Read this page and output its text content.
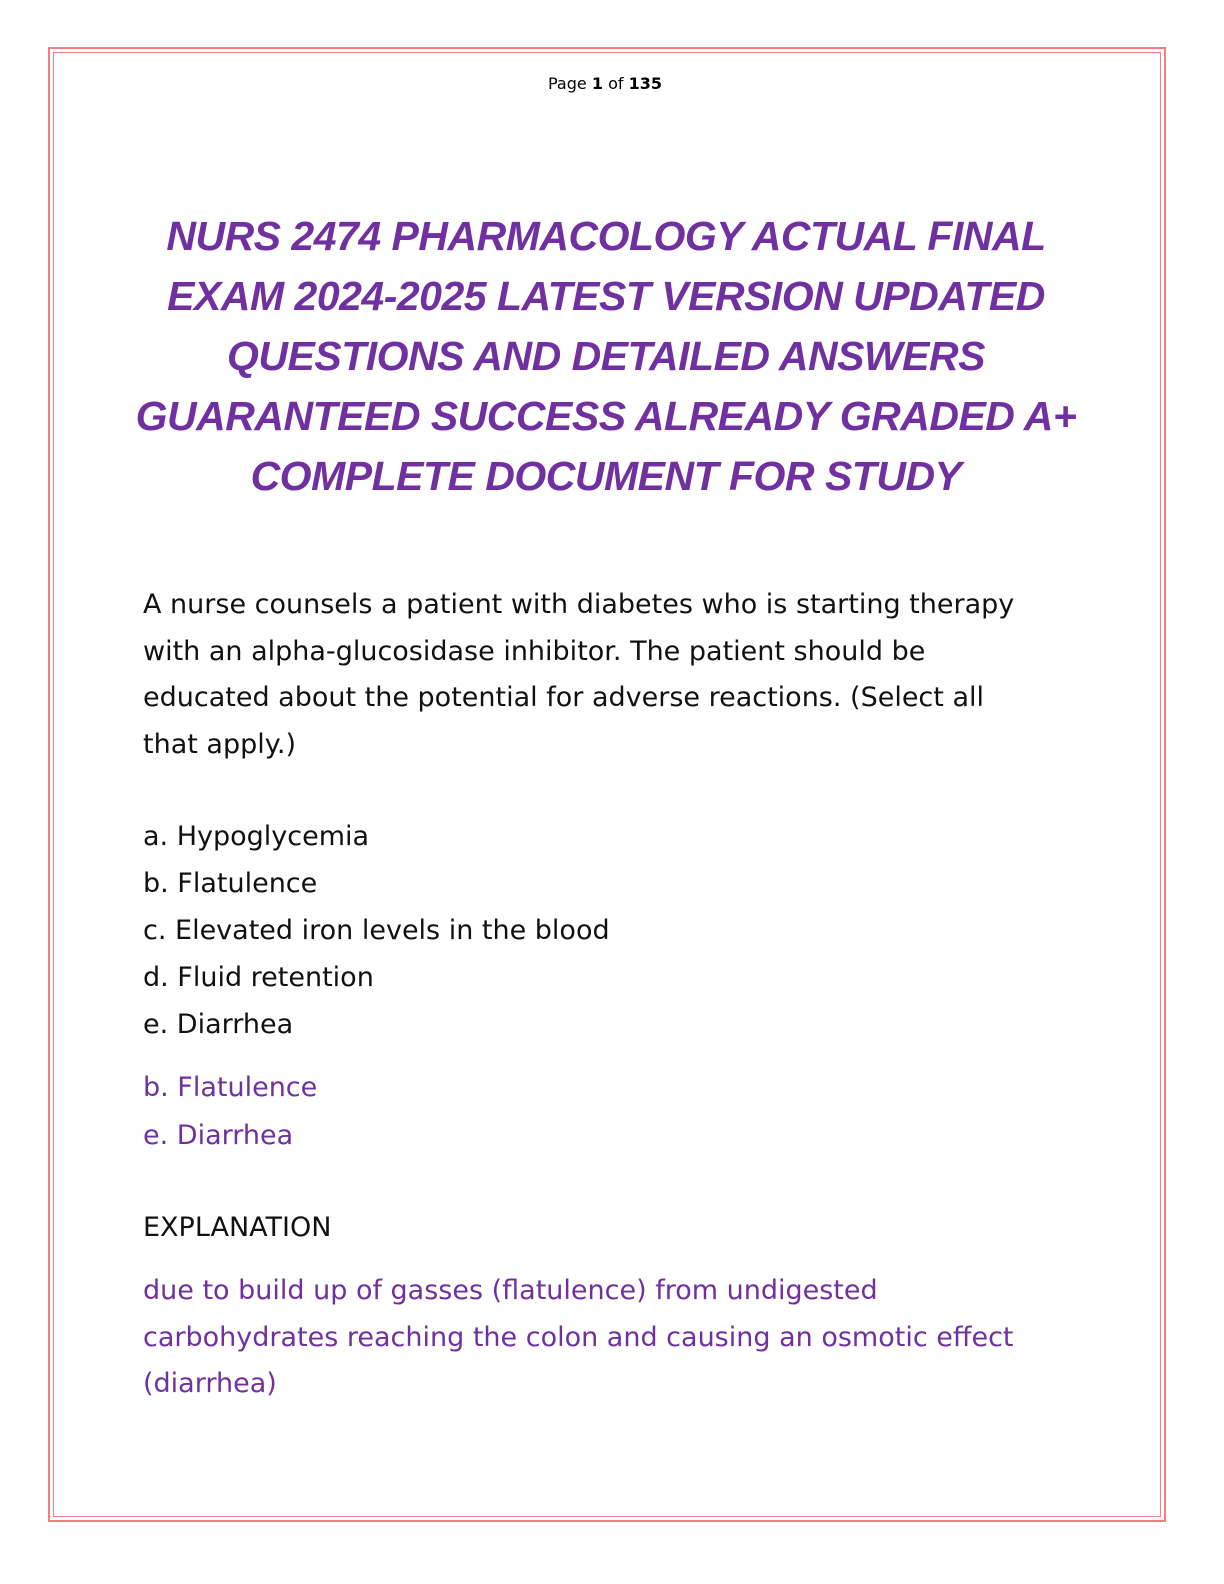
Page 1 of 135
NURS 2474 PHARMACOLOGY ACTUAL FINAL
EXAM 2024-2025 LATEST VERSION UPDATED
QUESTIONS AND DETAILED ANSWERS
GUARANTEED SUCCESS ALREADY GRADED A+
COMPLETE DOCUMENT FOR STUDY
A nurse counsels a patient with diabetes who is starting therapy
with an alpha-glucosidase inhibitor. The patient should be
educated about the potential for adverse reactions. (Select all
that apply.)
a. Hypoglycemia
b. Flatulence
c. Elevated iron levels in the blood
d. Fluid retention
e. Diarrhea
b. Flatulence
e. Diarrhea
EXPLANATION
due to build up of gasses (flatulence) from undigested
carbohydrates reaching the colon and causing an osmotic effect
(diarrhea)
